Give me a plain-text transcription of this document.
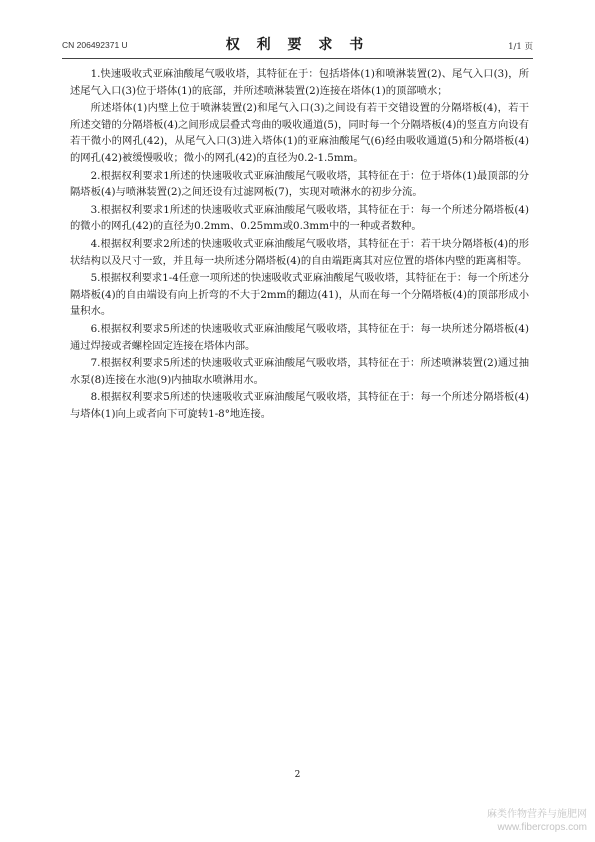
CN 206492371 U	权 利 要 求 书	1/1 页

1.快速吸收式亚麻油酸尾气吸收塔，其特征在于：包括塔体(1)和喷淋装置(2)、尾气入口(3)，所述尾气入口(3)位于塔体(1)的底部，并所述喷淋装置(2)连接在塔体(1)的顶部喷水；

所述塔体(1)内壁上位于喷淋装置(2)和尾气入口(3)之间设有若干交错设置的分隔塔板(4)，若干所述交错的分隔塔板(4)之间形成层叠式弯曲的吸收通道(5)，同时每一个分隔塔板(4)的竖直方向设有若干微小的网孔(42)，从尾气入口(3)进入塔体(1)的亚麻油酸尾气(6)经由吸收通道(5)和分隔塔板(4)的网孔(42)被缓慢吸收；微小的网孔(42)的直径为0.2-1.5mm。

2.根据权利要求1所述的快速吸收式亚麻油酸尾气吸收塔，其特征在于：位于塔体(1)最顶部的分隔塔板(4)与喷淋装置(2)之间还设有过滤网板(7)，实现对喷淋水的初步分流。

3.根据权利要求1所述的快速吸收式亚麻油酸尾气吸收塔，其特征在于：每一个所述分隔塔板(4)的微小的网孔(42)的直径为0.2mm、0.25mm或0.3mm中的一种或者数种。

4.根据权利要求2所述的快速吸收式亚麻油酸尾气吸收塔，其特征在于：若干块分隔塔板(4)的形状结构以及尺寸一致，并且每一块所述分隔塔板(4)的自由端距离其对应位置的塔体内壁的距离相等。

5.根据权利要求1-4任意一项所述的快速吸收式亚麻油酸尾气吸收塔，其特征在于：每一个所述分隔塔板(4)的自由端设有向上折弯的不大于2mm的翻边(41)，从而在每一个分隔塔板(4)的顶部形成小量积水。

6.根据权利要求5所述的快速吸收式亚麻油酸尾气吸收塔，其特征在于：每一块所述分隔塔板(4)通过焊接或者螺栓固定连接在塔体内部。

7.根据权利要求5所述的快速吸收式亚麻油酸尾气吸收塔，其特征在于：所述喷淋装置(2)通过抽水泵(8)连接在水池(9)内抽取水喷淋用水。

8.根据权利要求5所述的快速吸收式亚麻油酸尾气吸收塔，其特征在于：每一个所述分隔塔板(4)与塔体(1)向上或者向下可旋转1-8°地连接。

2
麻类作物营养与施肥网
www.fibercrops.com
